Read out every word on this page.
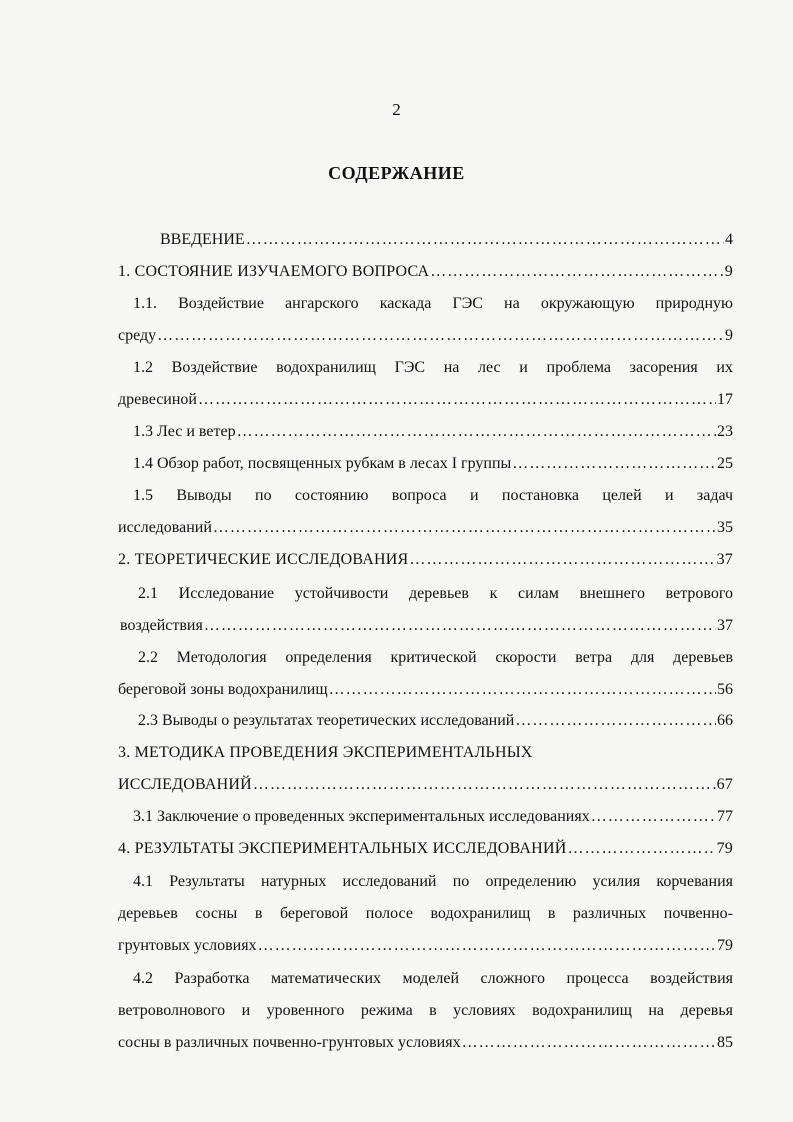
2
СОДЕРЖАНИЕ
ВВЕДЕНИЕ ……………………………………………………………………………………………………………………………………………………………	4
1. СОСТОЯНИЕ ИЗУЧАЕМОГО ВОПРОСА ……………………………………………………………………………………………………………………………………………………………	9
1.1. Воздействие ангарского каскада ГЭС на окружающую природную
среду ……………………………………………………………………………………………………………………………………………………………	9
1.2 Воздействие водохранилищ ГЭС на лес и проблема засорения их
древесиной ……………………………………………………………………………………………………………………………………………………………	17
1.3 Лес и ветер ……………………………………………………………………………………………………………………………………………………………	23
1.4 Обзор работ, посвященных рубкам в лесах I группы ……………………………………………………………………………………………………………………………………………………………	25
1.5 Выводы по состоянию вопроса и постановка целей и задач
исследований ……………………………………………………………………………………………………………………………………………………………	35
2. ТЕОРЕТИЧЕСКИЕ ИССЛЕДОВАНИЯ ……………………………………………………………………………………………………………………………………………………………	37
2.1 Исследование устойчивости деревьев к силам внешнего ветрового
воздействия ……………………………………………………………………………………………………………………………………………………………	37
2.2 Методология определения критической скорости ветра для деревьев
береговой зоны водохранилищ ……………………………………………………………………………………………………………………………………………………………	56
2.3 Выводы о результатах теоретических исследований ……………………………………………………………………………………………………………………………………………………………	66
3. МЕТОДИКА ПРОВЕДЕНИЯ ЭКСПЕРИМЕНТАЛЬНЫХ
ИССЛЕДОВАНИЙ ……………………………………………………………………………………………………………………………………………………………	67
3.1 Заключение о проведенных экспериментальных исследованиях ……………………………………………………………………………………………………………………………………………………………	77
4. РЕЗУЛЬТАТЫ ЭКСПЕРИМЕНТАЛЬНЫХ ИССЛЕДОВАНИЙ ……………………………………………………………………………………………………………………………………………………………	79
4.1 Результаты натурных исследований по определению усилия корчевания
деревьев сосны в береговой полосе водохранилищ в различных почвенно-
грунтовых условиях ……………………………………………………………………………………………………………………………………………………………	79
4.2 Разработка математических моделей сложного процесса воздействия
ветроволнового и уровенного режима в условиях водохранилищ на деревья
сосны в различных почвенно-грунтовых условиях ……………………………………………………………………………………………………………………………………………………………	85
